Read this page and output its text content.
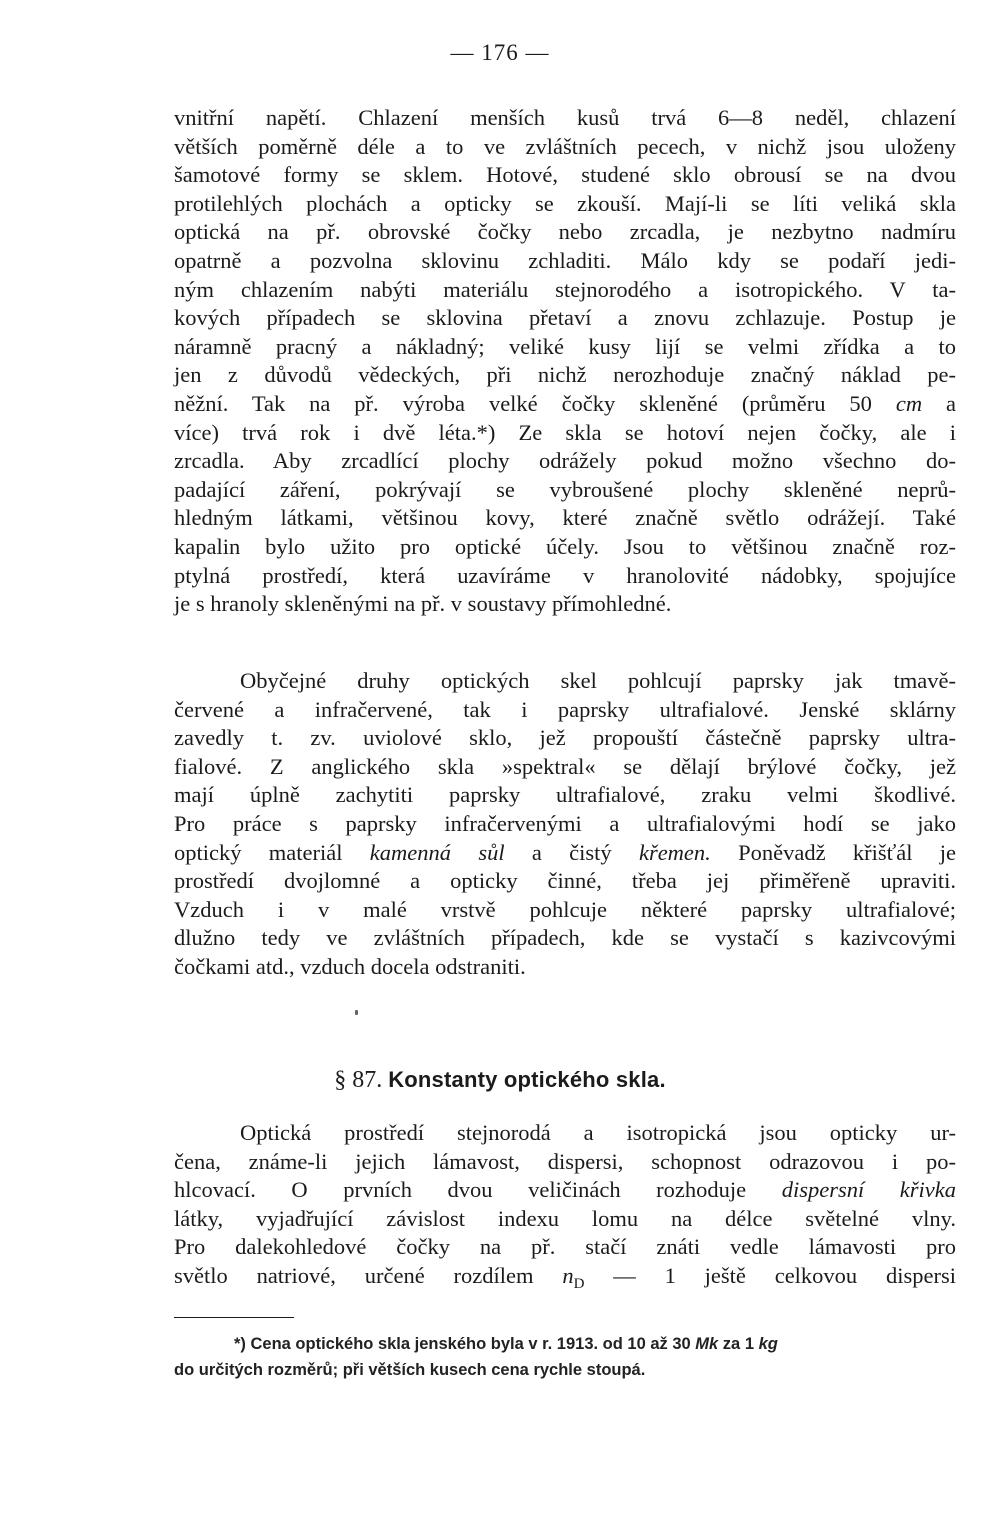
— 176 —
vnitřní napětí. Chlazení menších kusů trvá 6—8 neděl, chlazení
větších poměrně déle a to ve zvláštních pecech, v nichž jsou uloženy
šamotové formy se sklem. Hotové, studené sklo obrousí se na dvou
protilehlých plochách a opticky se zkouší. Mají-li se líti veliká skla
optická na př. obrovské čočky nebo zrcadla, je nezbytno nadmíru
opatrně a pozvolna sklovinu zchladiti. Málo kdy se podaří jedi-
ným chlazením nabýti materiálu stejnorodého a isotropického. V ta-
kových případech se sklovina přetaví a znovu zchlazuje. Postup je
náramně pracný a nákladný; veliké kusy lijí se velmi zřídka a to
jen z důvodů vědeckých, při nichž nerozhoduje značný náklad pe-
něžní. Tak na př. výroba velké čočky skleněné (průměru 50 cm a
více) trvá rok i dvě léta.*) Ze skla se hotoví nejen čočky, ale i
zrcadla. Aby zrcadlící plochy odrážely pokud možno všechno do-
padající záření, pokrývají se vybroušené plochy skleněné neprů-
hledným látkami, většinou kovy, které značně světlo odrážejí. Také
kapalin bylo užito pro optické účely. Jsou to většinou značně roz-
ptylná prostředí, která uzavíráme v hranolovité nádobky, spojujíce
je s hranoly skleněnými na př. v soustavy přímohledné.
Obyčejné druhy optických skel pohlcují paprsky jak tmavě-
červené a infračervené, tak i paprsky ultrafialové. Jenské sklárny
zavedly t. zv. uviolové sklo, jež propouští částečně paprsky ultra-
fialové. Z anglického skla »spektral« se dělají brýlové čočky, jež
mají úplně zachytiti paprsky ultrafialové, zraku velmi škodlivé.
Pro práce s paprsky infračervenými a ultrafialovými hodí se jako
optický materiál kamenná sůl a čistý křemen. Poněvadž křišťál je
prostředí dvojlomné a opticky činné, třeba jej přiměřeně upraviti.
Vzduch i v malé vrstvě pohlcuje některé paprsky ultrafialové;
dlužno tedy ve zvláštních případech, kde se vystačí s kazivcovými
čočkami atd., vzduch docela odstraniti.
§ 87. Konstanty optického skla.
Optická prostředí stejnorodá a isotropická jsou opticky ur-
čena, známe-li jejich lámavost, dispersi, schopnost odrazovou i po-
hlcovací. O prvních dvou veličinách rozhoduje dispersní křivka
látky, vyjadřující závislost indexu lomu na délce světelné vlny.
Pro dalekohledové čočky na př. stačí znáti vedle lámavosti pro
světlo natriové, určené rozdílem $n_D$ — 1 ještě celkovou dispersi
*) Cena optického skla jenského byla v r. 1913. od 10 až 30 Mk za 1 kg
do určitých rozměrů; při větších kusech cena rychle stoupá.
